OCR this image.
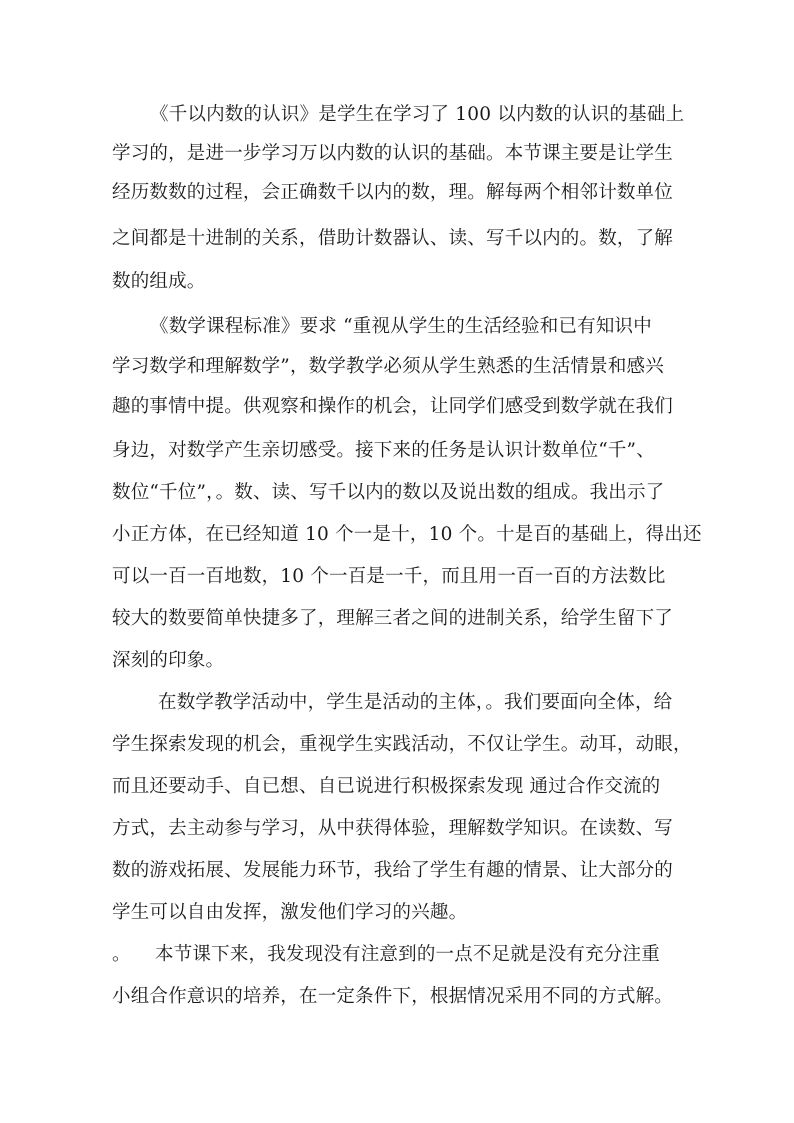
《千以内数的认识》是学生在学习了 100 以内数的认识的基础上
学习的，是进一步学习万以内数的认识的基础。本节课主要是让学生
经历数数的过程，会正确数千以内的数，理。解每两个相邻计数单位
之间都是十进制的关系，借助计数器认、读、写千以内的。数，了解
数的组成。
《数学课程标准》要求 “重视从学生的生活经验和已有知识中
学习数学和理解数学”，数学教学必须从学生熟悉的生活情景和感兴
趣的事情中提。供观察和操作的机会，让同学们感受到数学就在我们
身边，对数学产生亲切感受。接下来的任务是认识计数单位“千”、
数位“千位”，。数、读、写千以内的数以及说出数的组成。我出示了
小正方体，在已经知道 10 个一是十，10 个。十是百的基础上，得出还
可以一百一百地数，10 个一百是一千，而且用一百一百的方法数比
较大的数要简单快捷多了，理解三者之间的进制关系，给学生留下了
深刻的印象。
在数学教学活动中，学生是活动的主体，。我们要面向全体，给
学生探索发现的机会，重视学生实践活动，不仅让学生。动耳，动眼，
而且还要动手、自已想、自已说进行积极探索发现 通过合作交流的
方式，去主动参与学习，从中获得体验，理解数学知识。在读数、写
数的游戏拓展、发展能力环节，我给了学生有趣的情景、让大部分的
学生可以自由发挥，激发他们学习的兴趣。
。    本节课下来，我发现没有注意到的一点不足就是没有充分注重
小组合作意识的培养，在一定条件下，根据情况采用不同的方式解。
